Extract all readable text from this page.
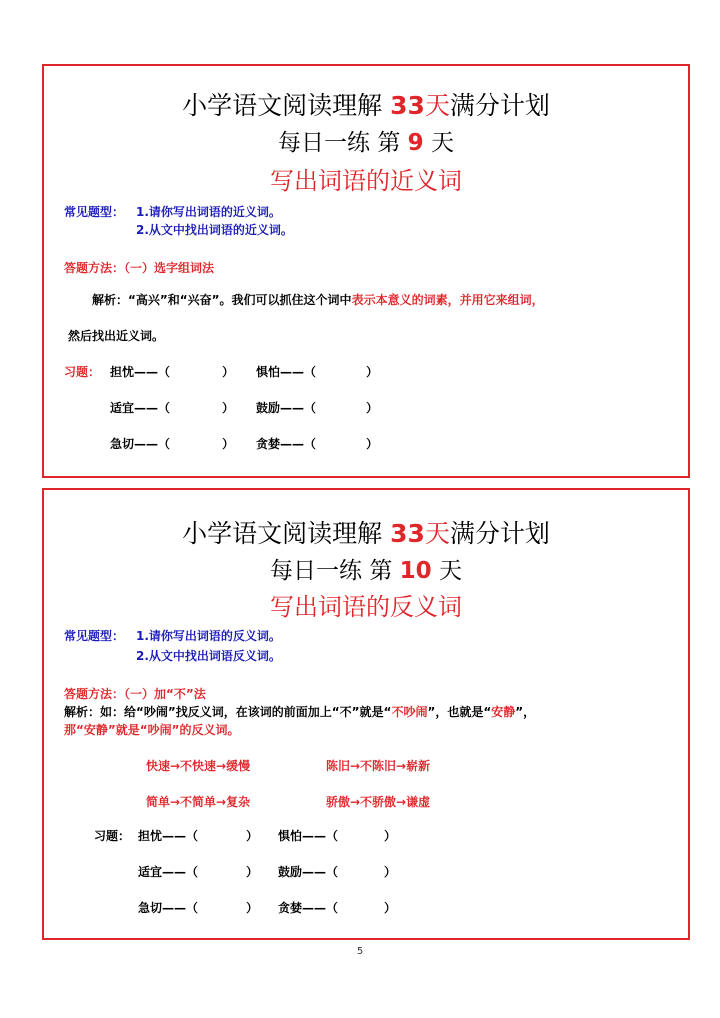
小学语文阅读理解 33天满分计划
每日一练 第 9 天
写出词语的近义词
常见题型： 1.请你写出词语的近义词。
2.从文中找出词语的近义词。
答题方法：（一）选字组词法
解析：“高兴”和“兴奋”。我们可以抓住这个词中表示本意义的词素，并用它来组词，
然后找出近义词。
习题： 担忧——（	） 惧怕——（	）
适宜——（	） 鼓励——（	）
急切——（	） 贪婪——（	）
小学语文阅读理解 33天满分计划
每日一练 第 10 天
写出词语的反义词
常见题型： 1.请你写出词语的反义词。
2.从文中找出词语反义词。
答题方法：（一）加“不”法
解析：如：给“吵闹”找反义词，在该词的前面加上“不”就是“不吵闹”，也就是“安静”，
那“安静”就是“吵闹”的反义词。
快速→不快速→缓慢	陈旧→不陈旧→崭新
简单→不简单→复杂	骄傲→不骄傲→谦虚
习题： 担忧——（	） 惧怕——（	）
适宜——（	） 鼓励——（	）
急切——（	） 贪婪——（	）
5
